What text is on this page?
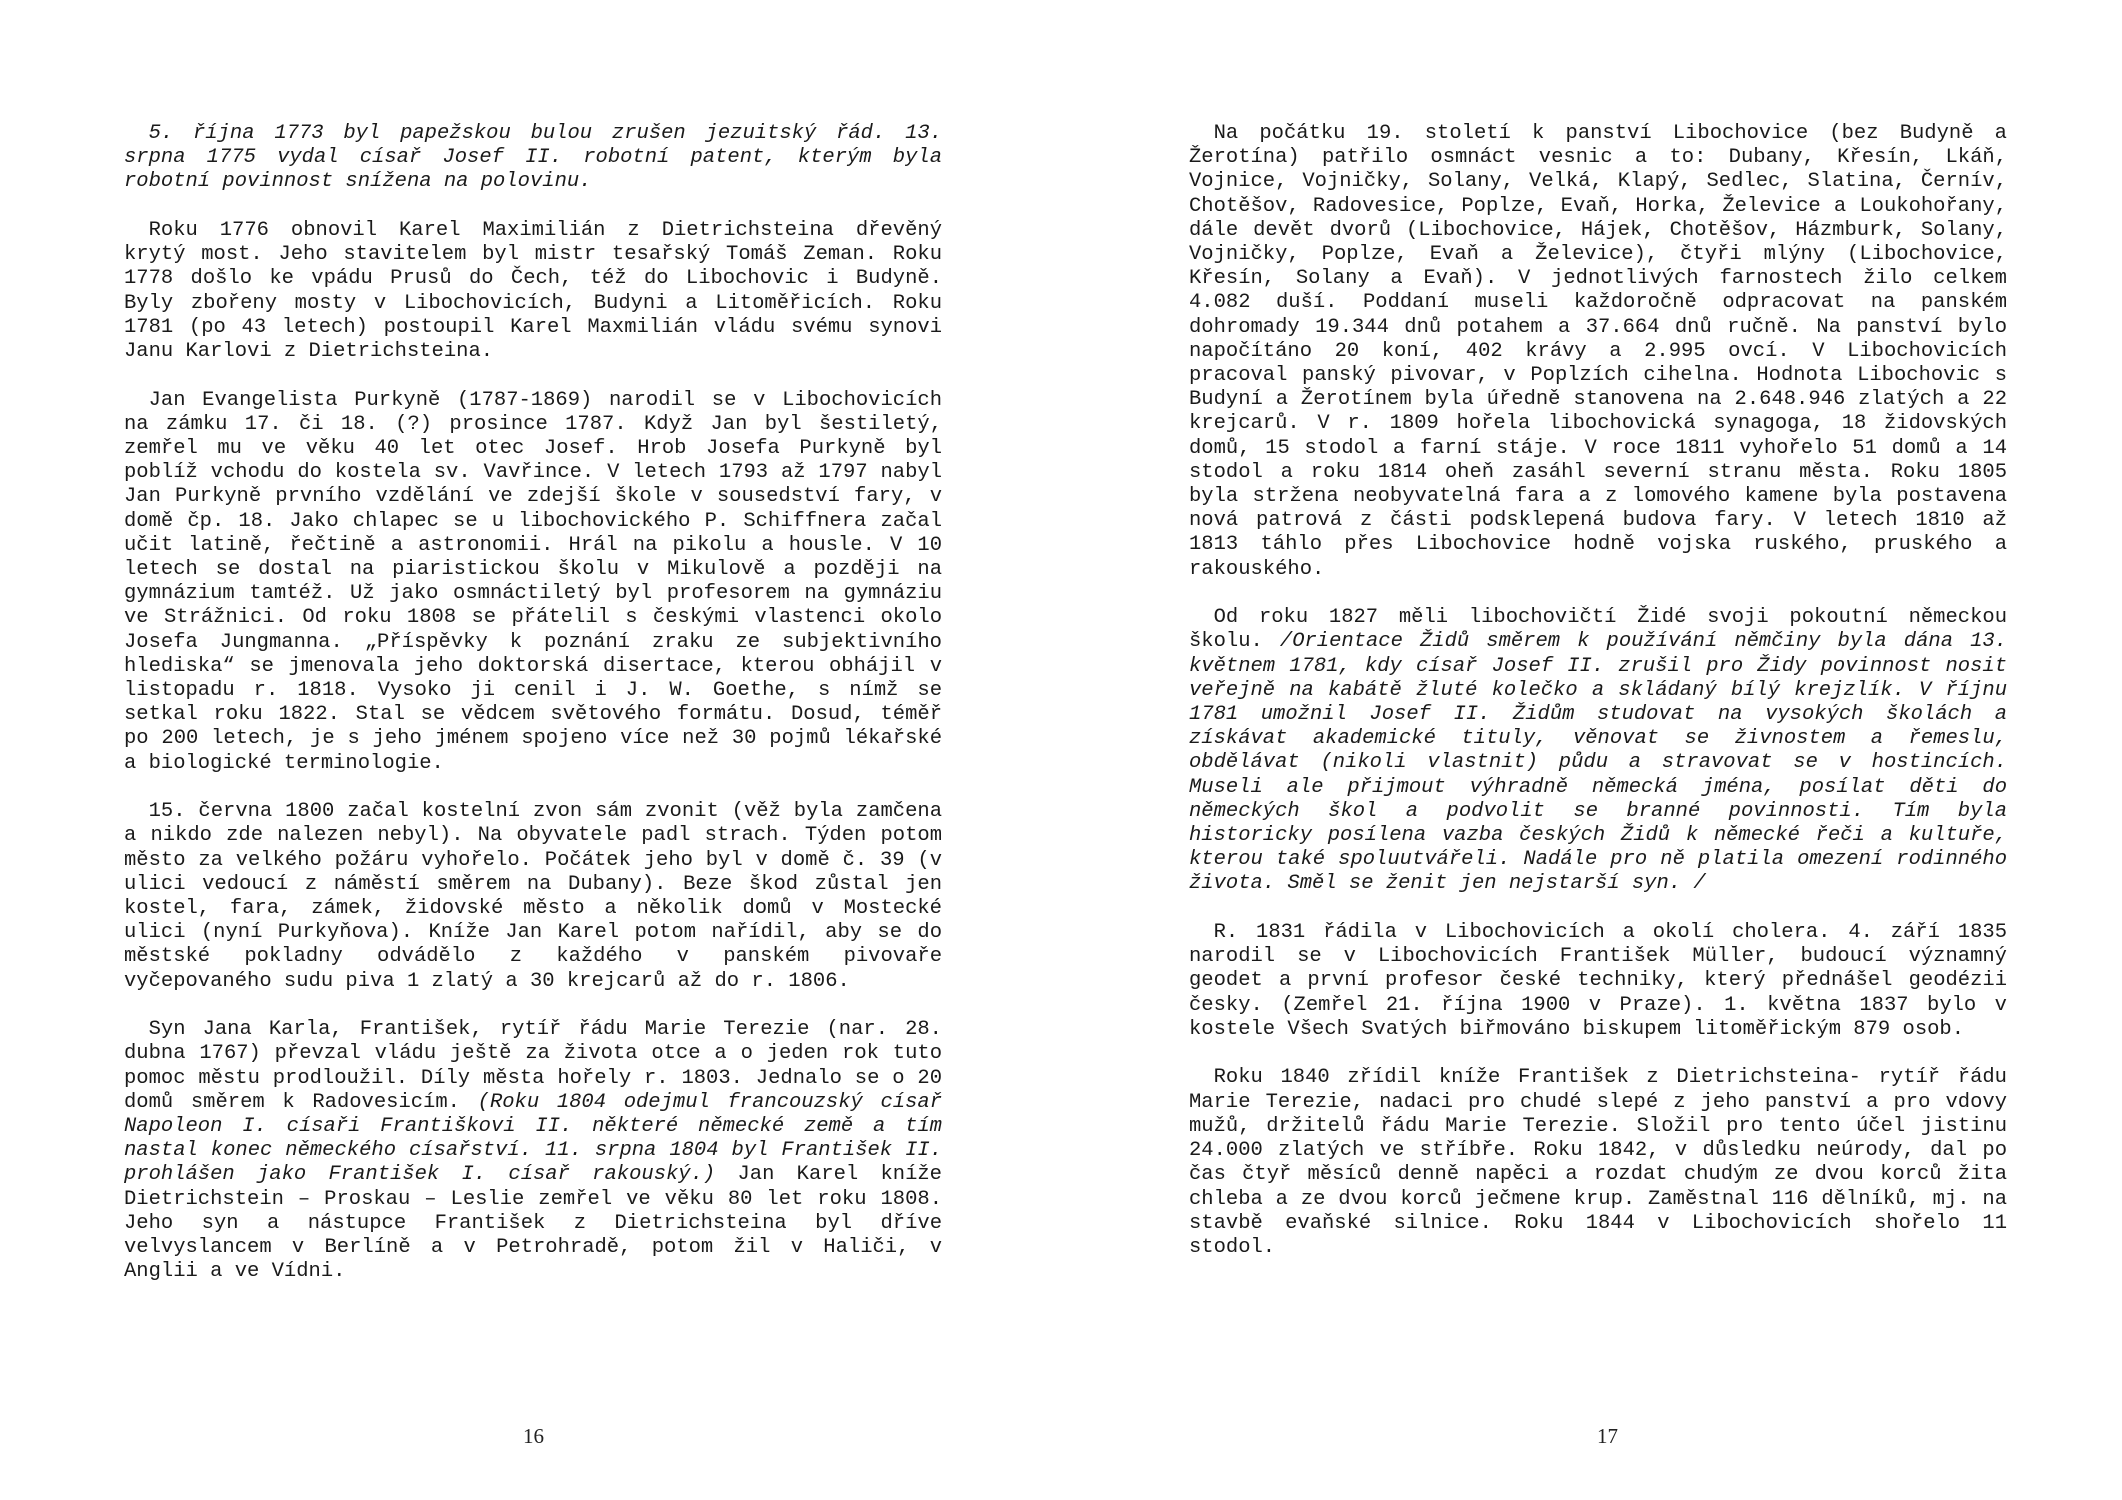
5. října 1773 byl papežskou bulou zrušen jezuitský řád. 13. srpna 1775 vydal císař Josef II. robotní patent, kterým byla robotní povinnost snížena na polovinu.

Roku 1776 obnovil Karel Maximilián z Dietrichsteina dřevěný krytý most. Jeho stavitelem byl mistr tesařský Tomáš Zeman. Roku 1778 došlo ke vpádu Prusů do Čech, též do Libochovic i Budyně. Byly zbořeny mosty v Libochovicích, Budyni a Litoměřicích. Roku 1781 (po 43 letech) postoupil Karel Maxmilián vládu svému synovi Janu Karlovi z Dietrichsteina.

Jan Evangelista Purkyně (1787-1869) narodil se v Libochovicích na zámku 17. či 18. (?) prosince 1787. Když Jan byl šestiletý, zemřel mu ve věku 40 let otec Josef. Hrob Josefa Purkyně byl poblíž vchodu do kostela sv. Vavřince. V letech 1793 až 1797 nabyl Jan Purkyně prvního vzdělání ve zdejší škole v sousedství fary, v domě čp. 18. Jako chlapec se u libochovického P. Schiffnera začal učit latině, řečtině a astronomii. Hrál na pikolu a housle. V 10 letech se dostal na piaristickou školu v Mikulově a později na gymnázium tamtéž. Už jako osmnáctiletý byl profesorem na gymnáziu ve Strážnici. Od roku 1808 se přátelil s českými vlastenci okolo Josefa Jungmanna. „Příspěvky k poznání zraku ze subjektivního hlediska“ se jmenovala jeho doktorská disertace, kterou obhájil v listopadu r. 1818. Vysoko ji cenil i J. W. Goethe, s nímž se setkal roku 1822. Stal se vědcem světového formátu. Dosud, téměř po 200 letech, je s jeho jménem spojeno více než 30 pojmů lékařské a biologické terminologie.

15. června 1800 začal kostelní zvon sám zvonit (věž byla zamčena a nikdo zde nalezen nebyl). Na obyvatele padl strach. Týden potom město za velkého požáru vyhořelo. Počátek jeho byl v domě č. 39 (v ulici vedoucí z náměstí směrem na Dubany). Beze škod zůstal jen kostel, fara, zámek, židovské město a několik domů v Mostecké ulici (nyní Purkyňova). Kníže Jan Karel potom nařídil, aby se do městské pokladny odvádělo z každého v panském pivovaře vyčepovaného sudu piva 1 zlatý a 30 krejcarů až do r. 1806.

Syn Jana Karla, František, rytíř řádu Marie Terezie (nar. 28. dubna 1767) převzal vládu ještě za života otce a o jeden rok tuto pomoc městu prodloužil. Díly města hořely r. 1803. Jednalo se o 20 domů směrem k Radovesicím. (Roku 1804 odejmul francouzský císař Napoleon I. císaři Františkovi II. některé německé země a tím nastal konec německého císařství. 11. srpna 1804 byl František II. prohlášen jako František I. císař rakouský.) Jan Karel kníže Dietrichstein – Proskau – Leslie zemřel ve věku 80 let roku 1808. Jeho syn a nástupce František z Dietrichsteina byl dříve velvyslancem v Berlíně a v Petrohradě, potom žil v Haliči, v Anglii a ve Vídni.

16

Na počátku 19. století k panství Libochovice (bez Budyně a Žerotína) patřilo osmnáct vesnic a to: Dubany, Křesín, Lkáň, Vojnice, Vojničky, Solany, Velká, Klapý, Sedlec, Slatina, Černív, Chotěšov, Radovesice, Poplze, Evaň, Horka, Želevice a Loukohořany, dále devět dvorů (Libochovice, Hájek, Chotěšov, Házmburk, Solany, Vojničky, Poplze, Evaň a Želevice), čtyři mlýny (Libochovice, Křesín, Solany a Evaň). V jednotlivých farnostech žilo celkem 4.082 duší. Poddaní museli každoročně odpracovat na panském dohromady 19.344 dnů potahem a 37.664 dnů ručně. Na panství bylo napočítáno 20 koní, 402 krávy a 2.995 ovcí. V Libochovicích pracoval panský pivovar, v Poplzích cihelna. Hodnota Libochovic s Budyní a Žerotínem byla úředně stanovena na 2.648.946 zlatých a 22 krejcarů. V r. 1809 hořela libochovická synagoga, 18 židovských domů, 15 stodol a farní stáje. V roce 1811 vyhořelo 51 domů a 14 stodol a roku 1814 oheň zasáhl severní stranu města. Roku 1805 byla stržena neobyvatelná fara a z lomového kamene byla postavena nová patrová z části podsklepená budova fary. V letech 1810 až 1813 táhlo přes Libochovice hodně vojska ruského, pruského a rakouského.

Od roku 1827 měli libochovičtí Židé svoji pokoutní německou školu. /Orientace Židů směrem k používání němčiny byla dána 13. květnem 1781, kdy císař Josef II. zrušil pro Židy povinnost nosit veřejně na kabátě žluté kolečko a skládaný bílý krejzlík. V říjnu 1781 umožnil Josef II. Židům studovat na vysokých školách a získávat akademické tituly, věnovat se živnostem a řemeslu, obdělávat (nikoli vlastnit) půdu a stravovat se v hostincích. Museli ale přijmout výhradně německá jména, posílat děti do německých škol a podvolit se branné povinnosti. Tím byla historicky posílena vazba českých Židů k německé řeči a kultuře, kterou také spoluutvářeli. Nadále pro ně platila omezení rodinného života. Směl se ženit jen nejstarší syn. /

R. 1831 řádila v Libochovicích a okolí cholera. 4. září 1835 narodil se v Libochovicích František Müller, budoucí významný geodet a první profesor české techniky, který přednášel geodézii česky. (Zemřel 21. října 1900 v Praze). 1. května 1837 bylo v kostele Všech Svatých biřmováno biskupem litoměřickým 879 osob.

Roku 1840 zřídil kníže František z Dietrichsteina- rytíř řádu Marie Terezie, nadaci pro chudé slepé z jeho panství a pro vdovy mužů, držitelů řádu Marie Terezie. Složil pro tento účel jistinu 24.000 zlatých ve stříbře. Roku 1842, v důsledku neúrody, dal po čas čtyř měsíců denně napěci a rozdat chudým ze dvou korců žita chleba a ze dvou korců ječmene krup. Zaměstnal 116 dělníků, mj. na stavbě evaňské silnice. Roku 1844 v Libochovicích shořelo 11 stodol.

17
